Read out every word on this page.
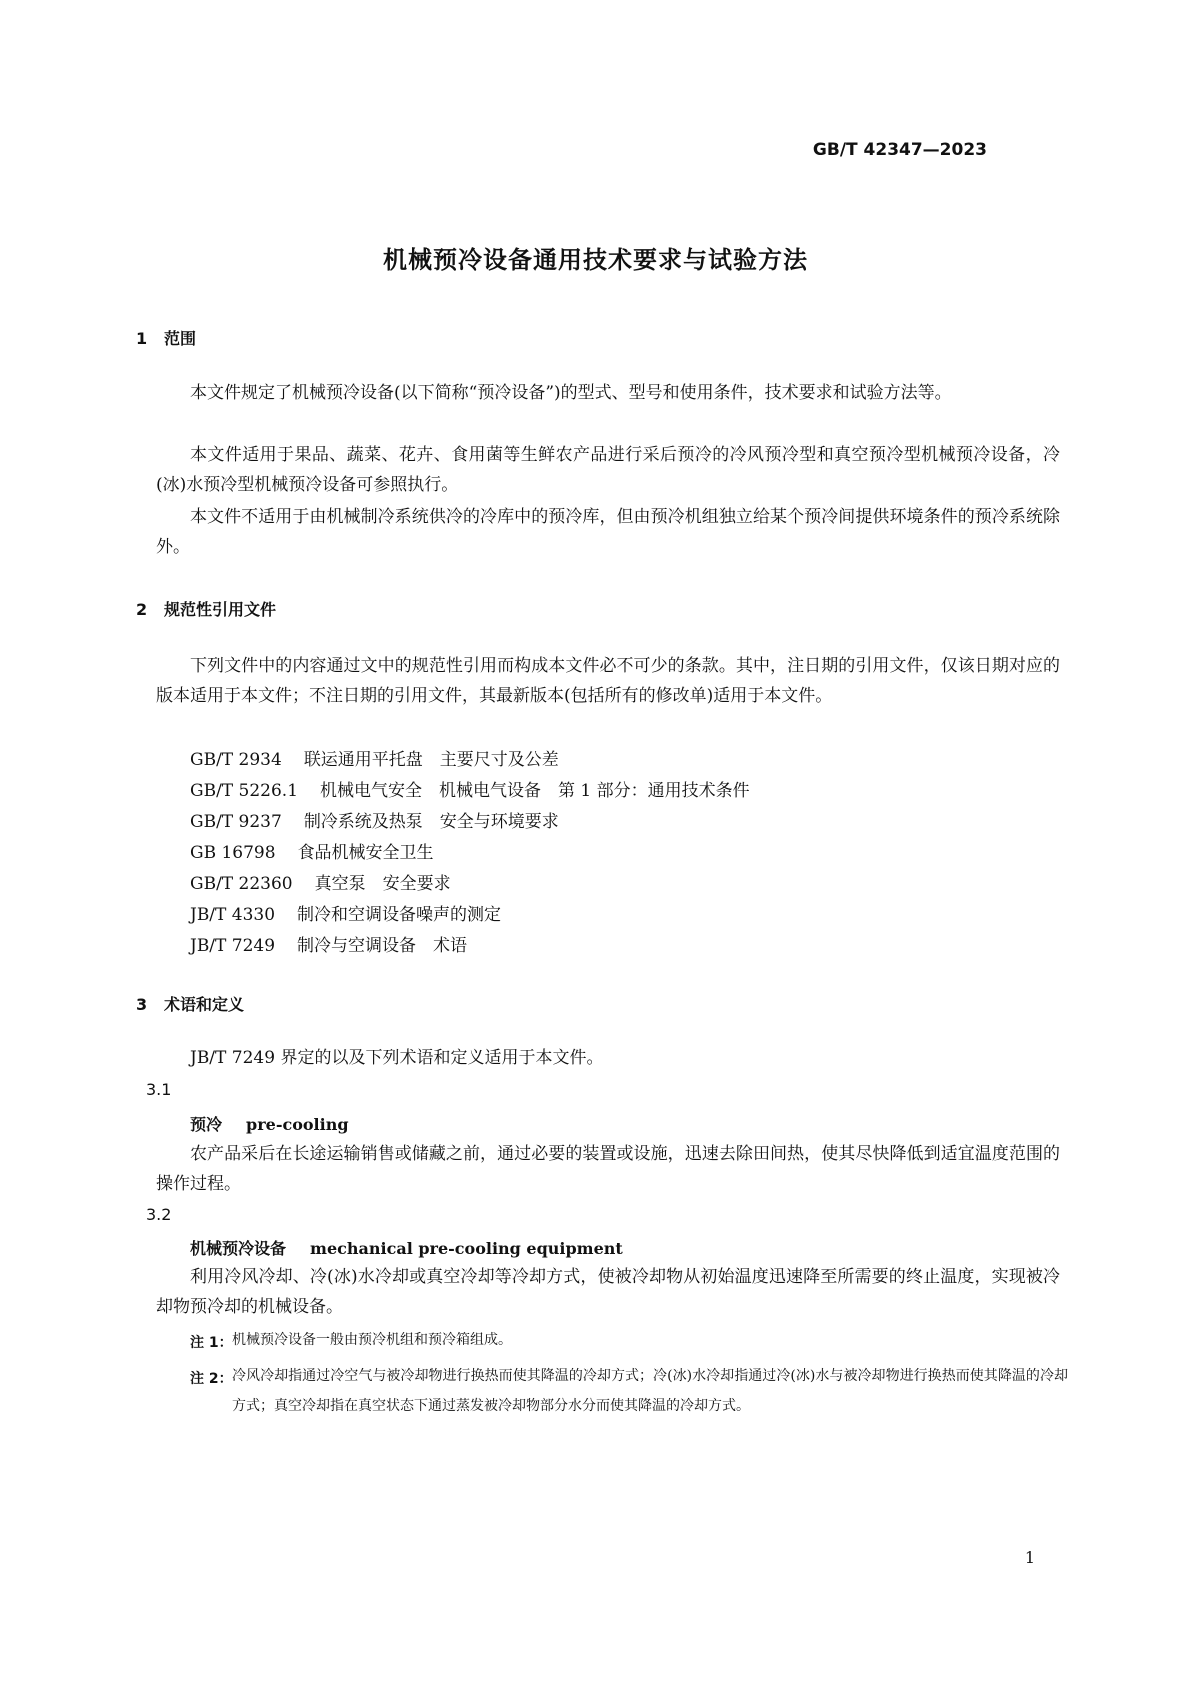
GB/T 42347—2023
机械预冷设备通用技术要求与试验方法
1 范围
本文件规定了机械预冷设备(以下简称“预冷设备”)的型式、型号和使用条件，技术要求和试验方法等。
本文件适用于果品、蔬菜、花卉、食用菌等生鲜农产品进行采后预冷的冷风预冷型和真空预冷型机械预冷设备，冷(冰)水预冷型机械预冷设备可参照执行。
本文件不适用于由机械制冷系统供冷的冷库中的预冷库，但由预冷机组独立给某个预冷间提供环境条件的预冷系统除外。
2 规范性引用文件
下列文件中的内容通过文中的规范性引用而构成本文件必不可少的条款。其中，注日期的引用文件，仅该日期对应的版本适用于本文件；不注日期的引用文件，其最新版本(包括所有的修改单)适用于本文件。
GB/T 2934 联运通用平托盘　主要尺寸及公差
GB/T 5226.1 机械电气安全　机械电气设备　第 1 部分：通用技术条件
GB/T 9237 制冷系统及热泵　安全与环境要求
GB 16798 食品机械安全卫生
GB/T 22360 真空泵　安全要求
JB/T 4330 制冷和空调设备噪声的测定
JB/T 7249 制冷与空调设备　术语
3 术语和定义
JB/T 7249 界定的以及下列术语和定义适用于本文件。
3.1
预冷 pre-cooling
农产品采后在长途运输销售或储藏之前，通过必要的装置或设施，迅速去除田间热，使其尽快降低到适宜温度范围的操作过程。
3.2
机械预冷设备 mechanical pre-cooling equipment
利用冷风冷却、冷(冰)水冷却或真空冷却等冷却方式，使被冷却物从初始温度迅速降至所需要的终止温度，实现被冷却物预冷却的机械设备。
注 1： 机械预冷设备一般由预冷机组和预冷箱组成。
注 2： 冷风冷却指通过冷空气与被冷却物进行换热而使其降温的冷却方式；冷(冰)水冷却指通过冷(冰)水与被冷却物进行换热而使其降温的冷却方式；真空冷却指在真空状态下通过蒸发被冷却物部分水分而使其降温的冷却方式。
1
